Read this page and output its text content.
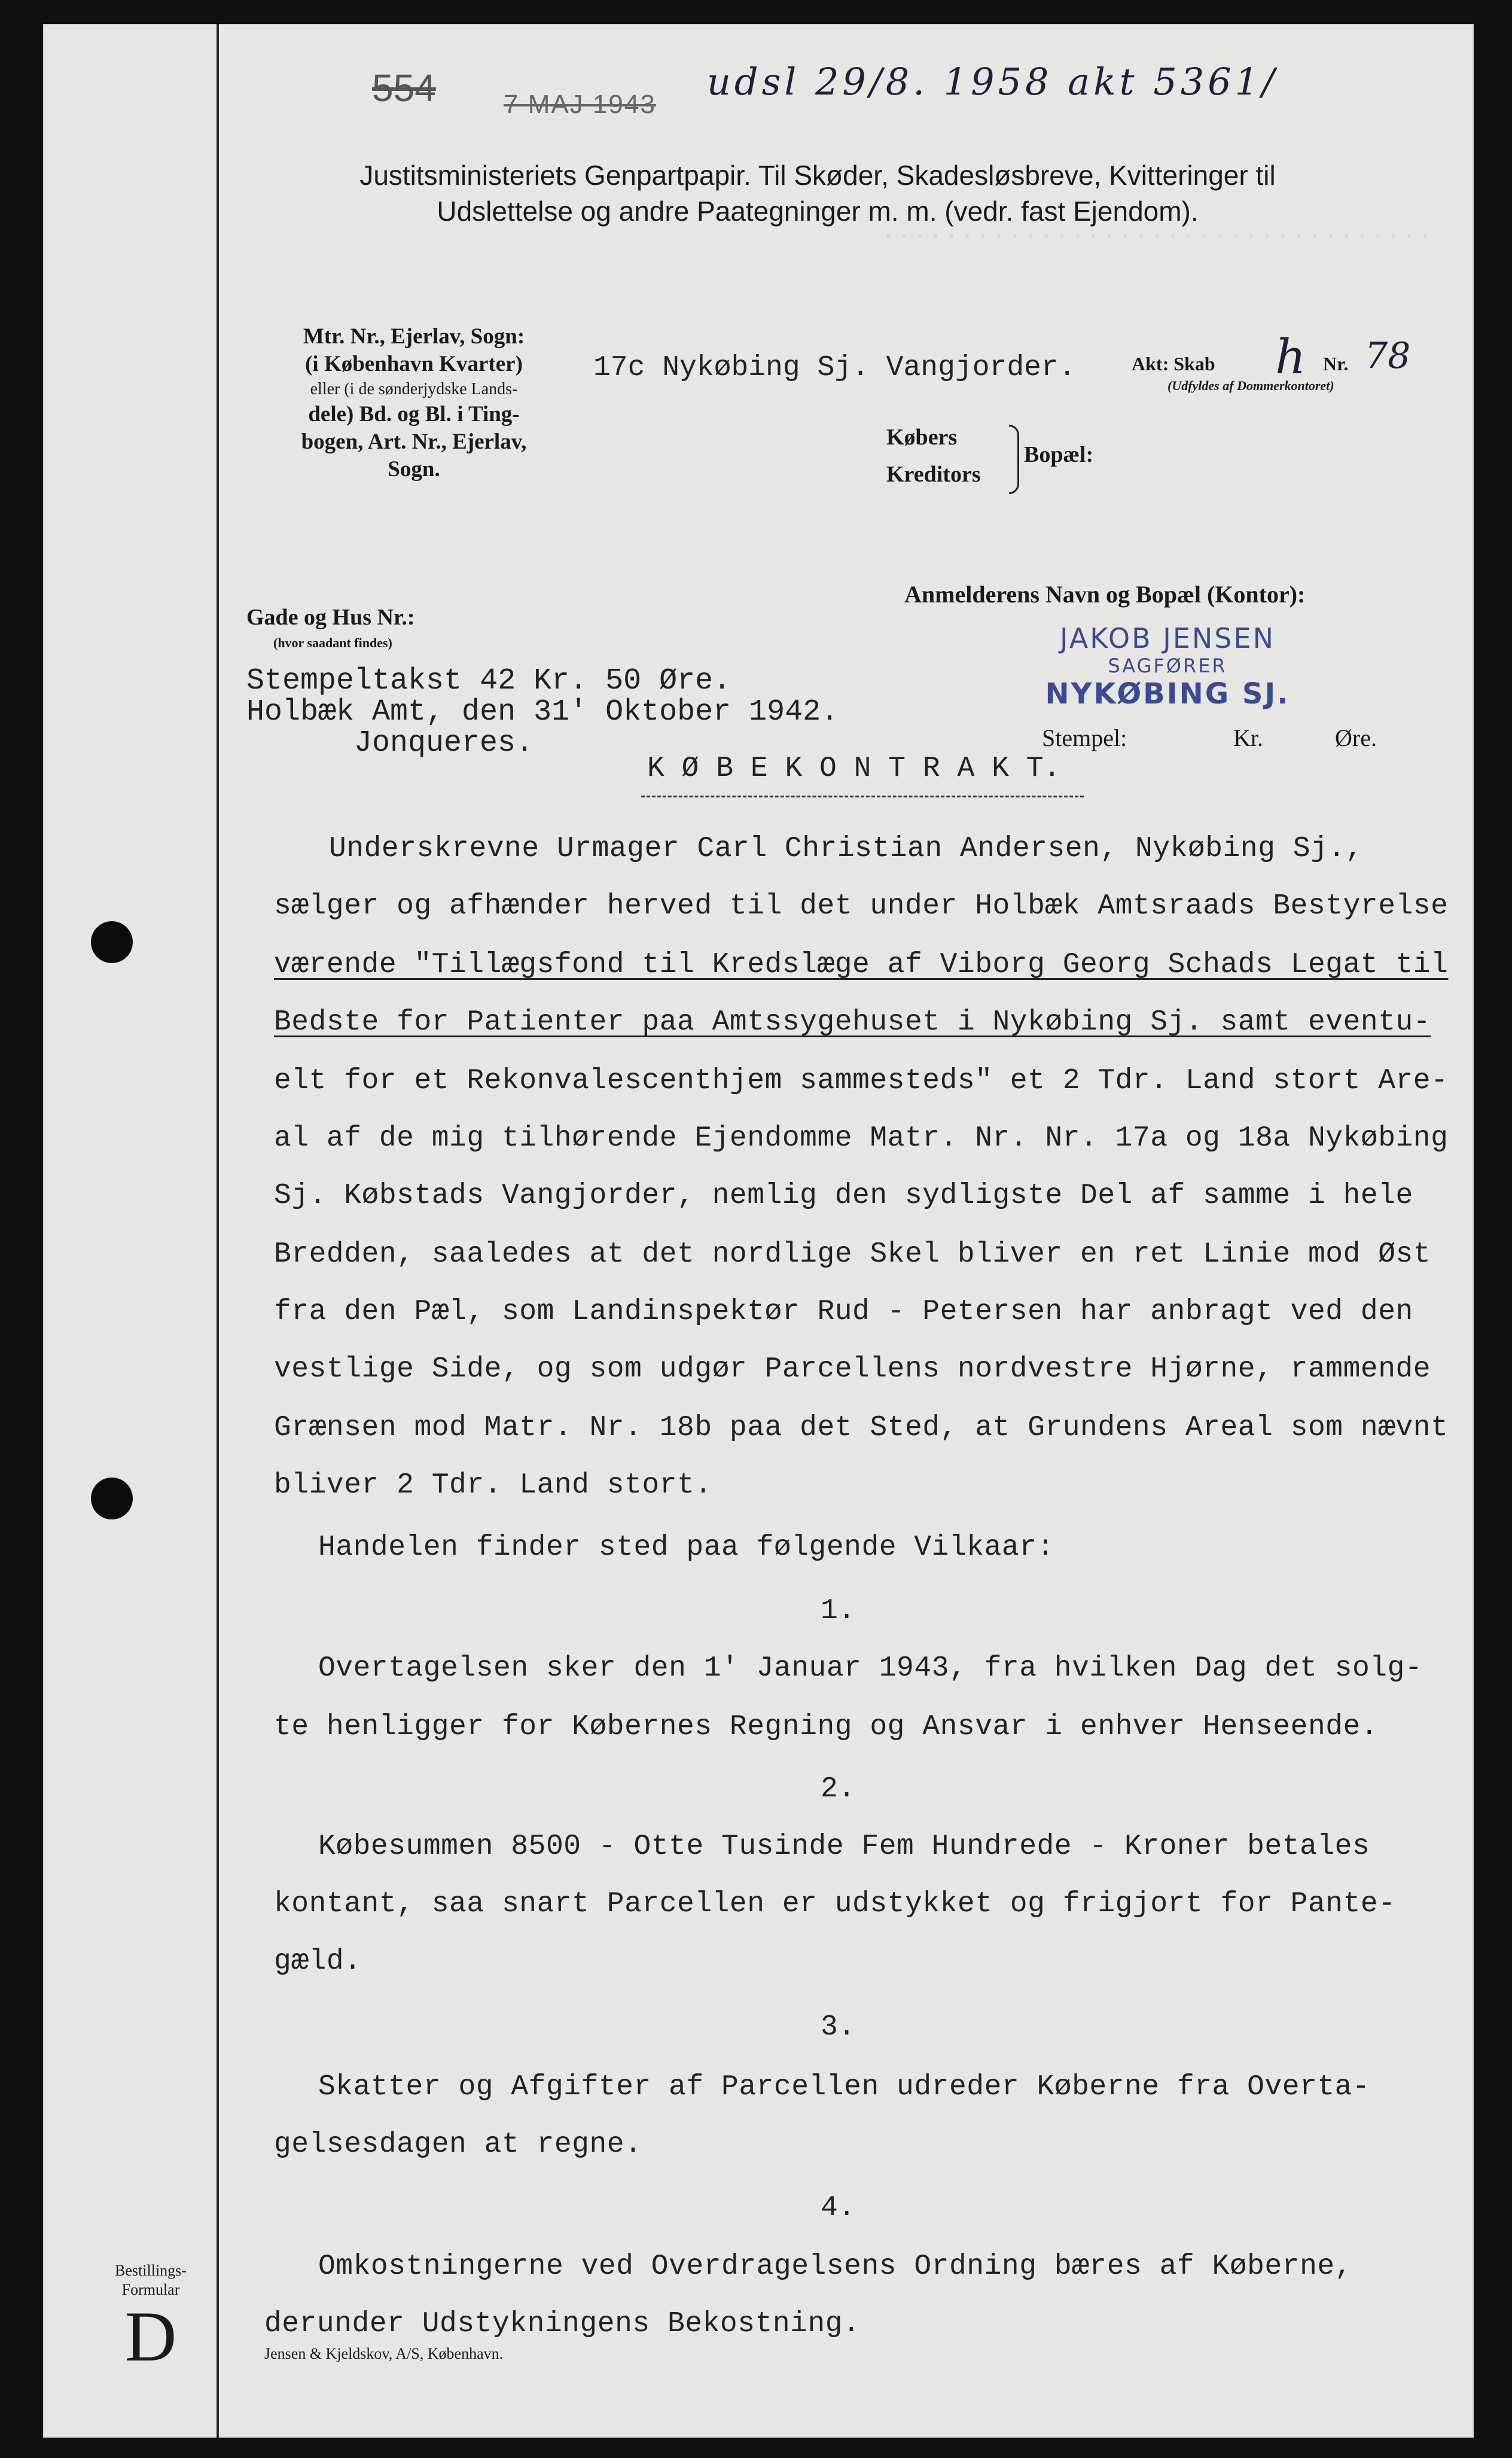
···································
554	7 MAJ 1943
udsl 29/8. 1958 akt 5361/
Justitsministeriets Genpartpapir. Til Skøder, Skadesløsbreve, Kvitteringer til
Udslettelse og andre Paategninger m. m. (vedr. fast Ejendom).
Mtr. Nr., Ejerlav, Sogn:
(i København Kvarter)
eller (i de sønderjydske Lands-
dele) Bd. og Bl. i Ting-
bogen, Art. Nr., Ejerlav,
Sogn.
17c Nykøbing Sj. Vangjorder.	Akt: Skab h Nr. 78
(Udfyldes af Dommerkontoret)
Købers
Kreditors
Bopæl:
Gade og Hus Nr.:
(hvor saadant findes)
Anmelderens Navn og Bopæl (Kontor):
JAKOB JENSEN
SAGFØRER
NYKØBING SJ.
Stempeltakst 42 Kr. 50 Øre.
Holbæk Amt, den 31' Oktober 1942.
Jonqueres.	Stempel:	Kr.	Øre.
K Ø B E K O N T R A K T.
Underskrevne Urmager Carl Christian Andersen, Nykøbing Sj.,
sælger og afhænder herved til det under Holbæk Amtsraads Bestyrelse
værende "Tillægsfond til Kredslæge af Viborg Georg Schads Legat til
Bedste for Patienter paa Amtssygehuset i Nykøbing Sj. samt eventu-
elt for et Rekonvalescenthjem sammesteds" et 2 Tdr. Land stort Are-
al af de mig tilhørende Ejendomme Matr. Nr. Nr. 17a og 18a Nykøbing
Sj. Købstads Vangjorder, nemlig den sydligste Del af samme i hele
Bredden, saaledes at det nordlige Skel bliver en ret Linie mod Øst
fra den Pæl, som Landinspektør Rud - Petersen har anbragt ved den
vestlige Side, og som udgør Parcellens nordvestre Hjørne, rammende
Grænsen mod Matr. Nr. 18b paa det Sted, at Grundens Areal som nævnt
bliver 2 Tdr. Land stort.
Handelen finder sted paa følgende Vilkaar:
1.
Overtagelsen sker den 1' Januar 1943, fra hvilken Dag det solg-
te henligger for Købernes Regning og Ansvar i enhver Henseende.
2.
Købesummen 8500 - Otte Tusinde Fem Hundrede - Kroner betales
kontant, saa snart Parcellen er udstykket og frigjort for Pante-
gæld.
3.
Skatter og Afgifter af Parcellen udreder Køberne fra Overta-
gelsesdagen at regne.
4.
Omkostningerne ved Overdragelsens Ordning bæres af Køberne,
derunder Udstykningens Bekostning.
Bestillings-
Formular
D	Jensen & Kjeldskov, A/S, København.
